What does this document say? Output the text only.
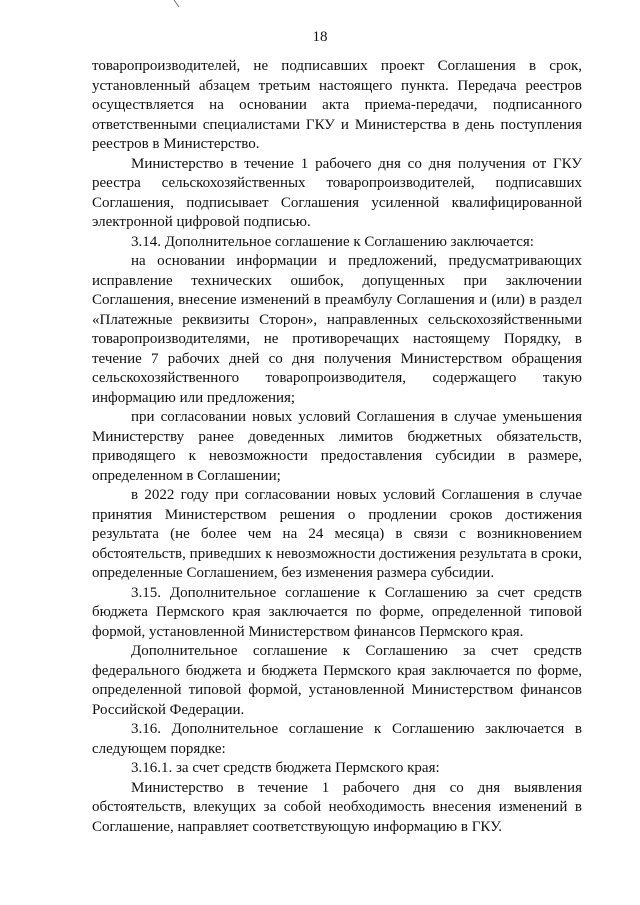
18

товаропроизводителей, не подписавших проект Соглашения в срок, установленный абзацем третьим настоящего пункта. Передача реестров осуществляется на основании акта приема-передачи, подписанного ответственными специалистами ГКУ и Министерства в день поступления реестров в Министерство.

Министерство в течение 1 рабочего дня со дня получения от ГКУ реестра сельскохозяйственных товаропроизводителей, подписавших Соглашения, подписывает Соглашения усиленной квалифицированной электронной цифровой подписью.

3.14. Дополнительное соглашение к Соглашению заключается:

на основании информации и предложений, предусматривающих исправление технических ошибок, допущенных при заключении Соглашения, внесение изменений в преамбулу Соглашения и (или) в раздел «Платежные реквизиты Сторон», направленных сельскохозяйственными товаропроизводителями, не противоречащих настоящему Порядку, в течение 7 рабочих дней со дня получения Министерством обращения сельскохозяйственного товаропроизводителя, содержащего такую информацию или предложения;

при согласовании новых условий Соглашения в случае уменьшения Министерству ранее доведенных лимитов бюджетных обязательств, приводящего к невозможности предоставления субсидии в размере, определенном в Соглашении;

в 2022 году при согласовании новых условий Соглашения в случае принятия Министерством решения о продлении сроков достижения результата (не более чем на 24 месяца) в связи с возникновением обстоятельств, приведших к невозможности достижения результата в сроки, определенные Соглашением, без изменения размера субсидии.

3.15. Дополнительное соглашение к Соглашению за счет средств бюджета Пермского края заключается по форме, определенной типовой формой, установленной Министерством финансов Пермского края.

Дополнительное соглашение к Соглашению за счет средств федерального бюджета и бюджета Пермского края заключается по форме, определенной типовой формой, установленной Министерством финансов Российской Федерации.

3.16. Дополнительное соглашение к Соглашению заключается в следующем порядке:

3.16.1. за счет средств бюджета Пермского края:

Министерство в течение 1 рабочего дня со дня выявления обстоятельств, влекущих за собой необходимость внесения изменений в Соглашение, направляет соответствующую информацию в ГКУ.
